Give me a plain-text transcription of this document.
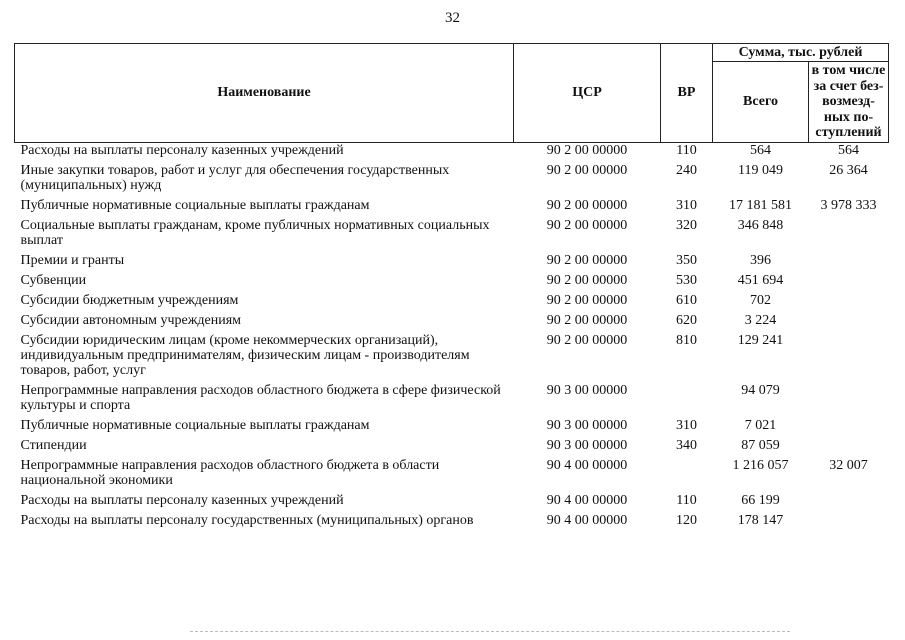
32
Наименование	ЦСР	ВР	Сумма, тыс. рублей	
			Всего	в том числе
за счет без-
возмезд-
ных по-
ступлений
Расходы на выплаты персоналу казенных учреждений	90 2 00 00000	110	564	564
Иные закупки товаров, работ и услуг для обеспечения государственных (муниципальных) нужд	90 2 00 00000	240	119 049	26 364
Публичные нормативные социальные выплаты гражданам	90 2 00 00000	310	17 181 581	3 978 333
Социальные выплаты гражданам, кроме публичных нормативных социальных выплат	90 2 00 00000	320	346 848	
Премии и гранты	90 2 00 00000	350	396	
Субвенции	90 2 00 00000	530	451 694	
Субсидии бюджетным учреждениям	90 2 00 00000	610	702	
Субсидии автономным учреждениям	90 2 00 00000	620	3 224	
Субсидии юридическим лицам (кроме некоммерческих организаций), индивидуальным предпринимателям, физическим лицам - производителям товаров, работ, услуг	90 2 00 00000	810	129 241	
Непрограммные направления расходов областного бюджета в сфере физической культуры и спорта	90 3 00 00000		94 079	
Публичные нормативные социальные выплаты гражданам	90 3 00 00000	310	7 021	
Стипендии	90 3 00 00000	340	87 059	
Непрограммные направления расходов областного бюджета в области национальной экономики	90 4 00 00000		1 216 057	32 007
Расходы на выплаты персоналу казенных учреждений	90 4 00 00000	110	66 199	
Расходы на выплаты персоналу государственных (муниципальных) органов	90 4 00 00000	120	178 147	
